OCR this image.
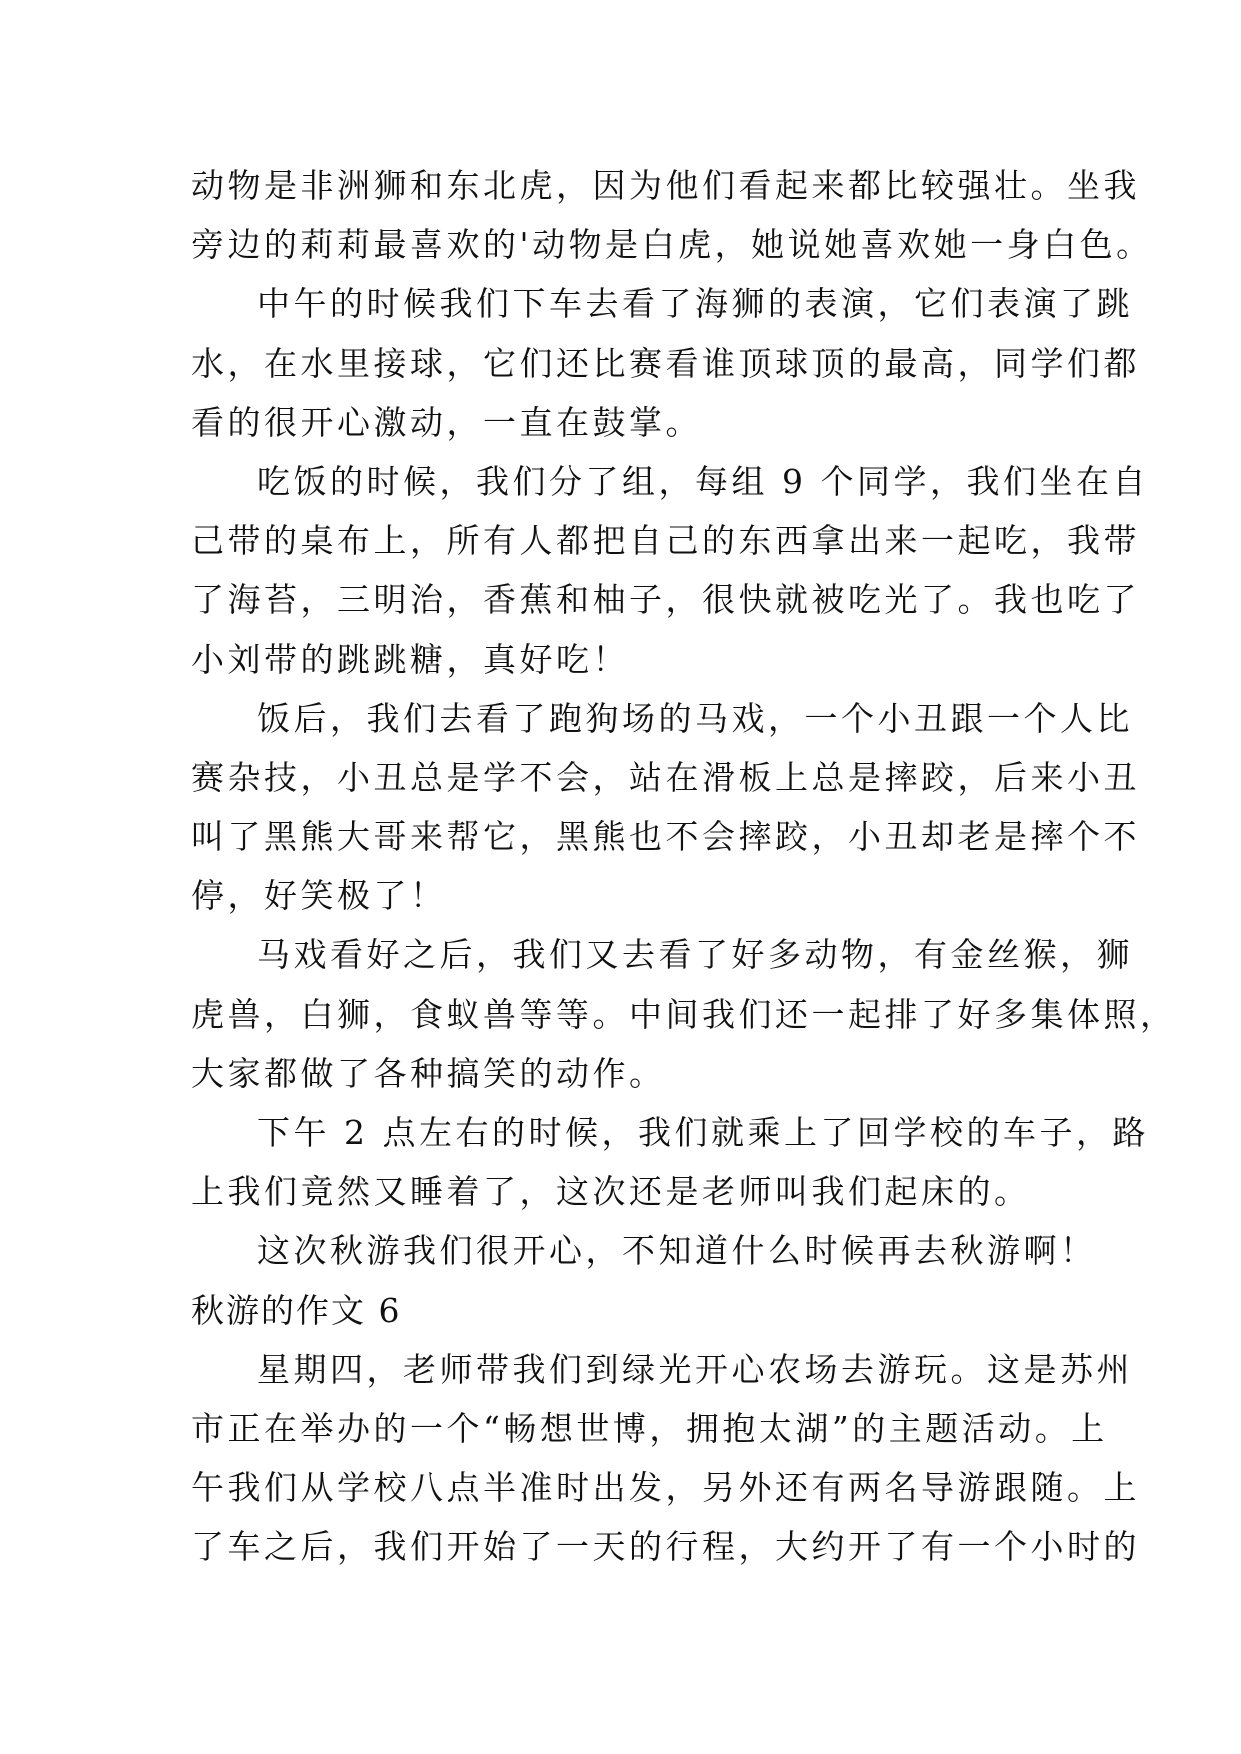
动物是非洲狮和东北虎，因为他们看起来都比较强壮。坐我
旁边的莉莉最喜欢的'动物是白虎，她说她喜欢她一身白色。
中午的时候我们下车去看了海狮的表演，它们表演了跳
水，在水里接球，它们还比赛看谁顶球顶的最高，同学们都
看的很开心激动，一直在鼓掌。
吃饭的时候，我们分了组，每组 9 个同学，我们坐在自
己带的桌布上，所有人都把自己的东西拿出来一起吃，我带
了海苔，三明治，香蕉和柚子，很快就被吃光了。我也吃了
小刘带的跳跳糖，真好吃！
饭后，我们去看了跑狗场的马戏，一个小丑跟一个人比
赛杂技，小丑总是学不会，站在滑板上总是摔跤，后来小丑
叫了黑熊大哥来帮它，黑熊也不会摔跤，小丑却老是摔个不
停，好笑极了！
马戏看好之后，我们又去看了好多动物，有金丝猴，狮
虎兽，白狮，食蚁兽等等。中间我们还一起排了好多集体照，
大家都做了各种搞笑的动作。
下午 2 点左右的时候，我们就乘上了回学校的车子，路
上我们竟然又睡着了，这次还是老师叫我们起床的。
这次秋游我们很开心，不知道什么时候再去秋游啊！
秋游的作文 6
星期四，老师带我们到绿光开心农场去游玩。这是苏州
市正在举办的一个“畅想世博，拥抱太湖”的主题活动。上
午我们从学校八点半准时出发，另外还有两名导游跟随。上
了车之后，我们开始了一天的行程，大约开了有一个小时的
